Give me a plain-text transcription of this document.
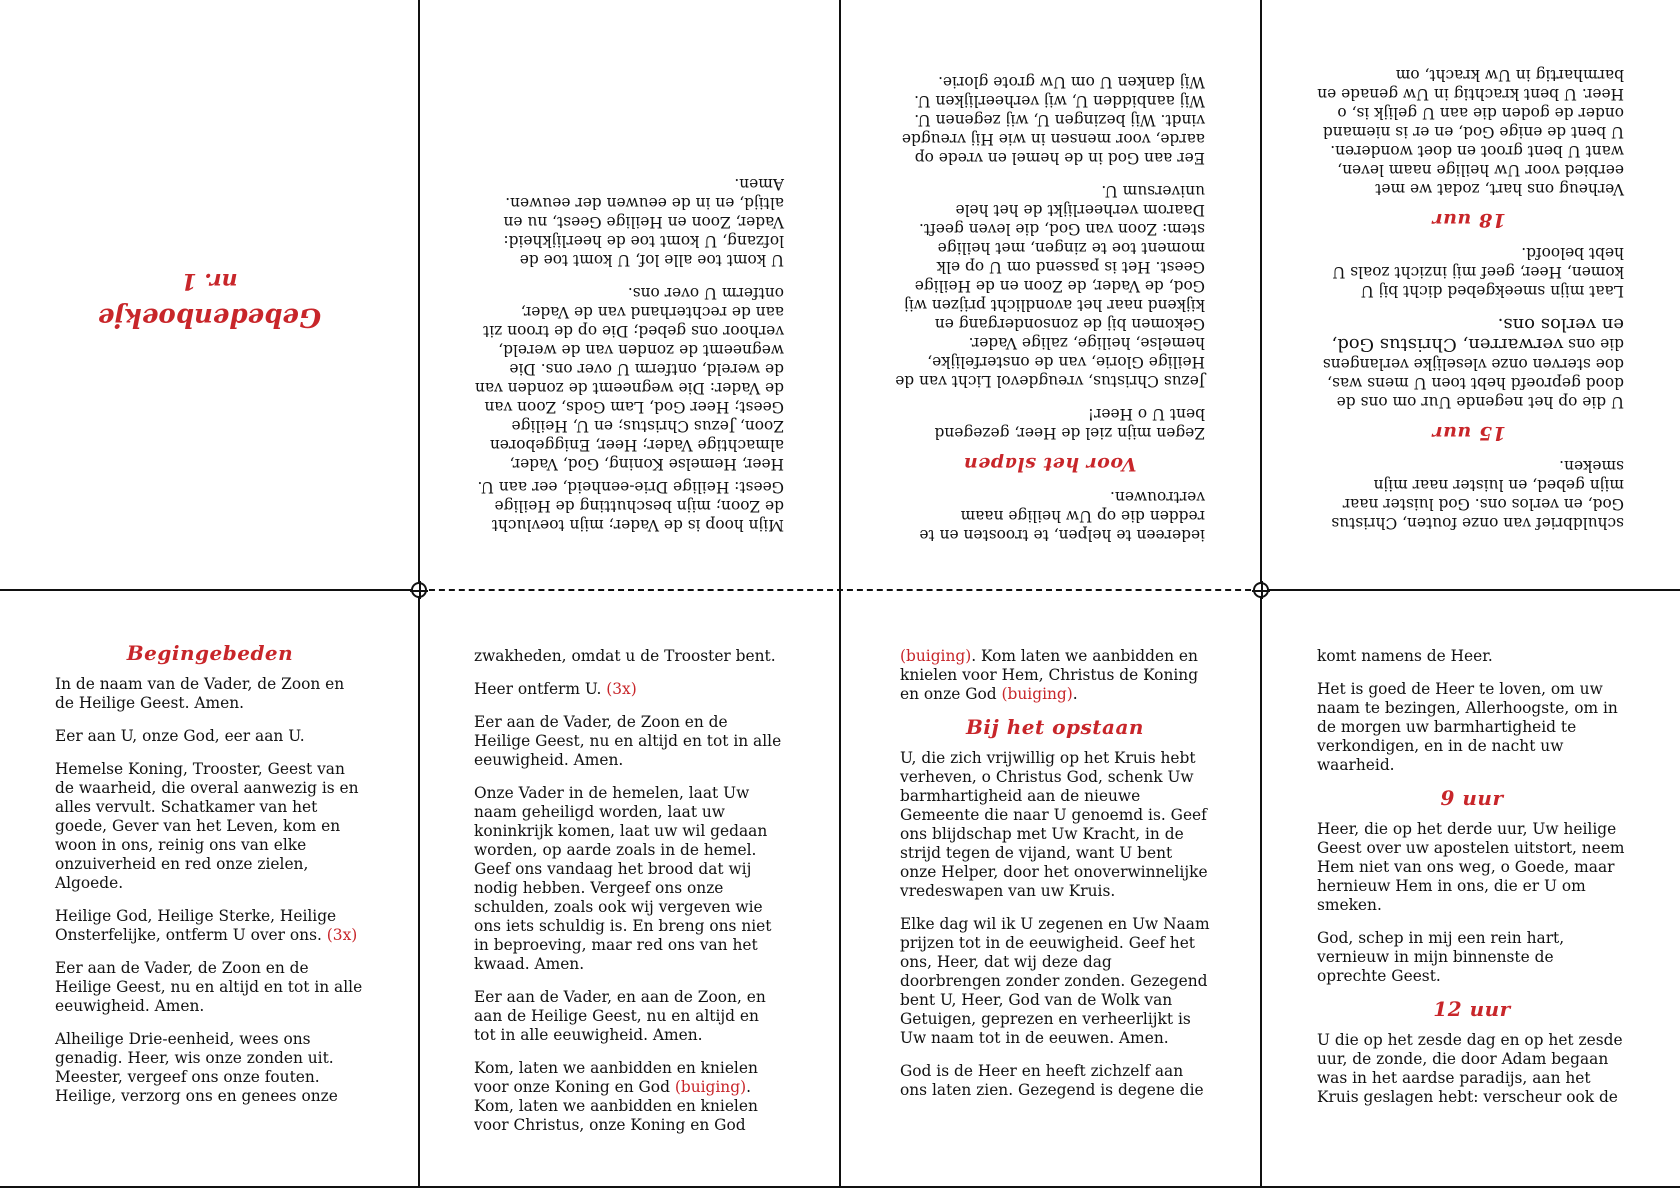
Gebedenboekje
nr. 1

Mijn hoop is de Vader; mijn toevlucht de Zoon; mijn beschutting de Heilige Geest: Heilige Drie-eenheid, eer aan U.

Heer, Hemelse Koning, God, Vader, almachtige Vader; Heer, Eniggeboren Zoon, Jezus Christus; en U, Heilige Geest; Heer God, Lam Gods, Zoon van de Vader: Die wegneemt de zonden van de wereld, ontferm U over ons. Die wegneemt de zonden van de wereld, verhoor ons gebed; Die op de troon zit aan de rechterhand van de Vader, ontferm U over ons.

U komt toe alle lof, U komt toe de lofzang, U komt toe de heerlijkheid: Vader, Zoon en Heilige Geest, nu en altijd, en in de eeuwen der eeuwen. Amen.

iedereen te helpen, te troosten en te redden die op Uw heilige naam vertrouwen.

Voor het slapen

Zegen mijn ziel de Heer, gezegend bent U o Heer!

Jezus Christus, vreugdevol Licht van de Heilige Glorie, van de onsterfelijke, hemelse, heilige, zalige Vader. Gekomen bij de zonsondergang en kijkend naar het avondlicht prijzen wij God, de Vader, de Zoon en de Heilige Geest. Het is passend om U op elk moment toe te zingen, met heilige stem: Zoon van God, die leven geeft. Daarom verheerlijkt de het hele universum U.

Eer aan God in de hemel en vrede op aarde, voor mensen in wie Hij vreugde vindt. Wij bezingen U, wij zegenen U. Wij aanbidden U, wij verheerlijken U. Wij danken U om Uw grote glorie.

schuldbrief van onze fouten, Christus God, en verlos ons. God luister naar mijn gebed, en luister naar mijn smeken.

15 uur

U die op het negende Uur om ons de dood geproefd hebt toen U mens was, doe sterven onze vleselijke verlangens die ons verwarren, Christus God, en verlos ons.

Laat mijn smeekgebed dicht bij U komen, Heer, geef mij inzicht zoals U hebt beloofd.

18 uur

Verheug ons hart, zodat we met eerbied voor Uw heilige naam leven, want U bent groot en doet wonderen. U bent de enige God, en er is niemand onder de goden die aan U gelijk is, o Heer. U bent krachtig in Uw genade en barmhartig in Uw kracht, om

Begingebeden

In de naam van de Vader, de Zoon en de Heilige Geest. Amen.

Eer aan U, onze God, eer aan U.

Hemelse Koning, Trooster, Geest van de waarheid, die overal aanwezig is en alles vervult. Schatkamer van het goede, Gever van het Leven, kom en woon in ons, reinig ons van elke onzuiverheid en red onze zielen, Algoede.

Heilige God, Heilige Sterke, Heilige Onsterfelijke, ontferm U over ons. (3x)

Eer aan de Vader, de Zoon en de Heilige Geest, nu en altijd en tot in alle eeuwigheid. Amen.

Alheilige Drie-eenheid, wees ons genadig. Heer, wis onze zonden uit. Meester, vergeef ons onze fouten. Heilige, verzorg ons en genees onze

zwakheden, omdat u de Trooster bent.

Heer ontferm U. (3x)

Eer aan de Vader, de Zoon en de Heilige Geest, nu en altijd en tot in alle eeuwigheid. Amen.

Onze Vader in de hemelen, laat Uw naam geheiligd worden, laat uw koninkrijk komen, laat uw wil gedaan worden, op aarde zoals in de hemel. Geef ons vandaag het brood dat wij nodig hebben. Vergeef ons onze schulden, zoals ook wij vergeven wie ons iets schuldig is. En breng ons niet in beproeving, maar red ons van het kwaad. Amen.

Eer aan de Vader, en aan de Zoon, en aan de Heilige Geest, nu en altijd en tot in alle eeuwigheid. Amen.

Kom, laten we aanbidden en knielen voor onze Koning en God (buiging). Kom, laten we aanbidden en knielen voor Christus, onze Koning en God

(buiging). Kom laten we aanbidden en knielen voor Hem, Christus de Koning en onze God (buiging).

Bij het opstaan

U, die zich vrijwillig op het Kruis hebt verheven, o Christus God, schenk Uw barmhartigheid aan de nieuwe Gemeente die naar U genoemd is. Geef ons blijdschap met Uw Kracht, in de strijd tegen de vijand, want U bent onze Helper, door het onoverwinnelijke vredeswapen van uw Kruis.

Elke dag wil ik U zegenen en Uw Naam prijzen tot in de eeuwigheid. Geef het ons, Heer, dat wij deze dag doorbrengen zonder zonden. Gezegend bent U, Heer, God van de Wolk van Getuigen, geprezen en verheerlijkt is Uw naam tot in de eeuwen. Amen.

God is de Heer en heeft zichzelf aan ons laten zien. Gezegend is degene die

komt namens de Heer.

Het is goed de Heer te loven, om uw naam te bezingen, Allerhoogste, om in de morgen uw barmhartigheid te verkondigen, en in de nacht uw waarheid.

9 uur

Heer, die op het derde uur, Uw heilige Geest over uw apostelen uitstort, neem Hem niet van ons weg, o Goede, maar hernieuw Hem in ons, die er U om smeken.

God, schep in mij een rein hart, vernieuw in mijn binnenste de oprechte Geest.

12 uur

U die op het zesde dag en op het zesde uur, de zonde, die door Adam begaan was in het aardse paradijs, aan het Kruis geslagen hebt: verscheur ook de
